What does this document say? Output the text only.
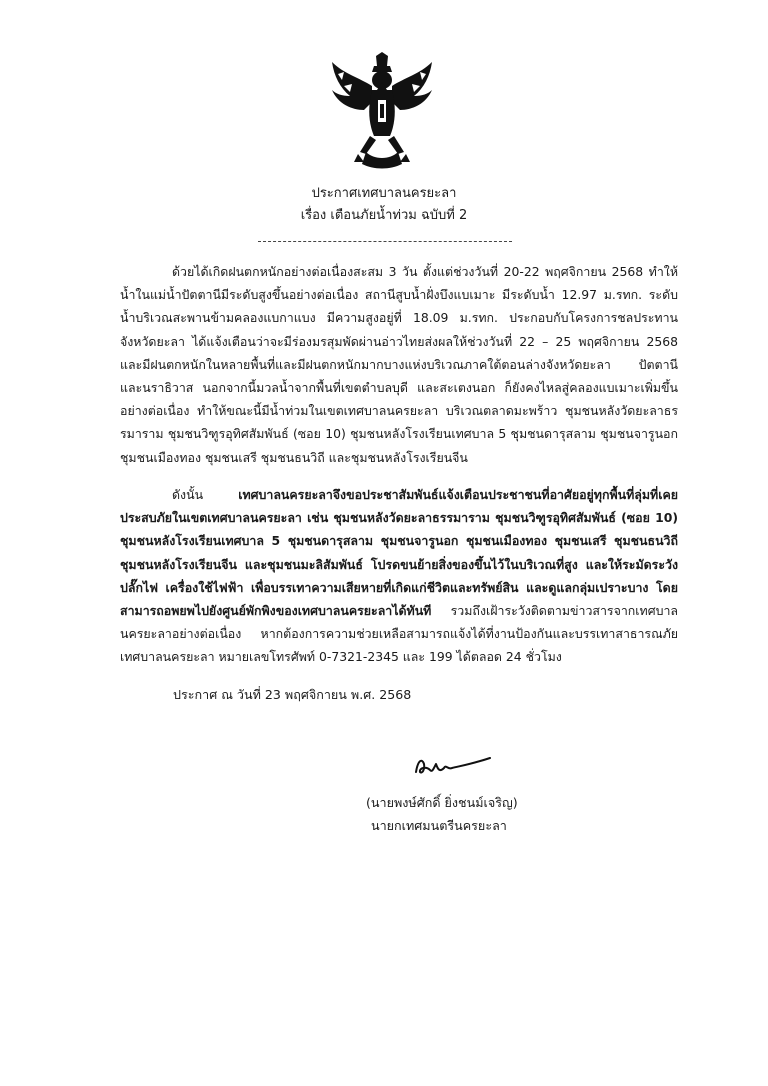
ประกาศเทศบาลนครยะลา
เรื่อง เตือนภัยน้ำท่วม ฉบับที่ 2
ด้วยได้เกิดฝนตกหนักอย่างต่อเนื่องสะสม 3 วัน ตั้งแต่ช่วงวันที่ 20-22 พฤศจิกายน 2568 ทำให้น้ำในแม่น้ำปัตตานีมีระดับสูงขึ้นอย่างต่อเนื่อง สถานีสูบน้ำฝั่งบึงแบเมาะ มีระดับน้ำ 12.97 ม.รทก. ระดับน้ำบริเวณสะพานข้ามคลองแบกาแบง มีความสูงอยู่ที่ 18.09 ม.รทก. ประกอบกับโครงการชลประทานจังหวัดยะลา ได้แจ้งเตือนว่าจะมีร่องมรสุมพัดผ่านอ่าวไทยส่งผลให้ช่วงวันที่ 22 – 25 พฤศจิกายน 2568 และมีฝนตกหนักในหลายพื้นที่และมีฝนตกหนักมากบางแห่งบริเวณภาคใต้ตอนล่างจังหวัดยะลา ปัตตานี และนราธิวาส นอกจากนี้มวลน้ำจากพื้นที่เขตตำบลบุดี และสะเตงนอก ก็ยังคงไหลสู่คลองแบเมาะเพิ่มขึ้นอย่างต่อเนื่อง ทำให้ขณะนี้มีน้ำท่วมในเขตเทศบาลนครยะลา บริเวณตลาดมะพร้าว ชุมชนหลังวัดยะลาธรรมาราม ชุมชนวิฑูรอุทิศสัมพันธ์ (ซอย 10) ชุมชนหลังโรงเรียนเทศบาล 5 ชุมชนดารุสลาม ชุมชนจารูนอก ชุมชนเมืองทอง ชุมชนเสรี ชุมชนธนวิถี และชุมชนหลังโรงเรียนจีน
ดังนั้น	เทศบาลนครยะลาจึงขอประชาสัมพันธ์แจ้งเตือนประชาชนที่อาศัยอยู่ทุกพื้นที่ลุ่มที่เคยประสบภัยในเขตเทศบาลนครยะลา เช่น ชุมชนหลังวัดยะลาธรรมาราม ชุมชนวิฑูรอุทิศสัมพันธ์ (ซอย 10) ชุมชนหลังโรงเรียนเทศบาล 5 ชุมชนดารุสลาม ชุมชนจารูนอก ชุมชนเมืองทอง ชุมชนเสรี ชุมชนธนวิถี ชุมชนหลังโรงเรียนจีน และชุมชนมะลิสัมพันธ์ โปรดขนย้ายสิ่งของขึ้นไว้ในบริเวณที่สูง และให้ระมัดระวังปลั๊กไฟ เครื่องใช้ไฟฟ้า เพื่อบรรเทาความเสียหายที่เกิดแก่ชีวิตและทรัพย์สิน และดูแลกลุ่มเปราะบาง โดยสามารถอพยพไปยังศูนย์พักพิงของเทศบาลนครยะลาได้ทันที รวมถึงเฝ้าระวังติดตามข่าวสารจากเทศบาลนครยะลาอย่างต่อเนื่อง หากต้องการความช่วยเหลือสามารถแจ้งได้ที่งานป้องกันและบรรเทาสาธารณภัยเทศบาลนครยะลา หมายเลขโทรศัพท์ 0-7321-2345 และ 199 ได้ตลอด 24 ชั่วโมง
ประกาศ ณ วันที่ 23 พฤศจิกายน พ.ศ. 2568
(นายพงษ์ศักดิ์ ยิ่งชนม์เจริญ)
นายกเทศมนตรีนครยะลา
